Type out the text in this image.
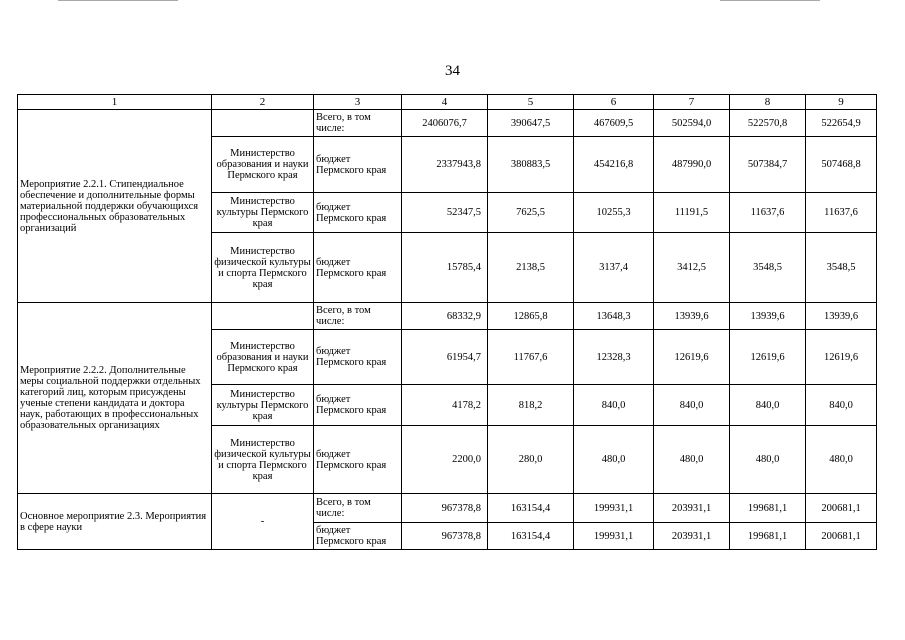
34
1	2	3	4	5	6	7	8	9
Мероприятие 2.2.1. Стипендиальное обеспечение и дополнительные формы материальной поддержки обучающихся профессиональных образовательных организаций		Всего, в том числе:	2406076,7	390647,5	467609,5	502594,0	522570,8	522654,9
	Министерство образования и науки Пермского края	бюджет Пермского края	2337943,8	380883,5	454216,8	487990,0	507384,7	507468,8
	Министерство культуры Пермского края	бюджет Пермского края	52347,5	7625,5	10255,3	11191,5	11637,6	11637,6
	Министерство физической культуры и спорта Пермского края	бюджет Пермского края	15785,4	2138,5	3137,4	3412,5	3548,5	3548,5
Мероприятие 2.2.2. Дополнительные меры социальной поддержки отдельных категорий лиц, которым присуждены ученые степени кандидата и доктора наук, работающих в профессиональных образовательных организациях		Всего, в том числе:	68332,9	12865,8	13648,3	13939,6	13939,6	13939,6
	Министерство образования и науки Пермского края	бюджет Пермского края	61954,7	11767,6	12328,3	12619,6	12619,6	12619,6
	Министерство культуры Пермского края	бюджет Пермского края	4178,2	818,2	840,0	840,0	840,0	840,0
	Министерство физической культуры и спорта Пермского края	бюджет Пермского края	2200,0	280,0	480,0	480,0	480,0	480,0
Основное мероприятие 2.3. Мероприятия в сфере науки	-	Всего, в том числе:	967378,8	163154,4	199931,1	203931,1	199681,1	200681,1
		бюджет Пермского края	967378,8	163154,4	199931,1	203931,1	199681,1	200681,1
